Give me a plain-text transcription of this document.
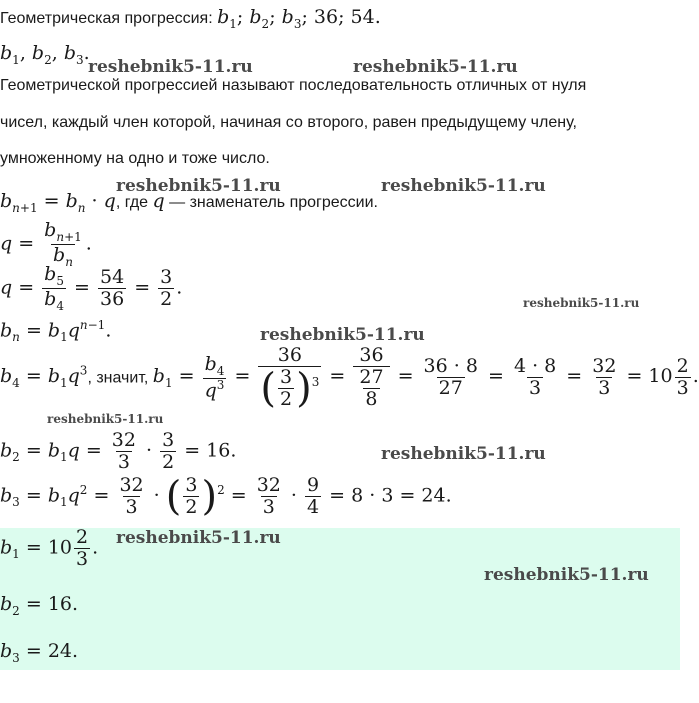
Геометрическая прогрессия: $b_1$; $b_2$; $b_3$; 36; 54.
$b_1$, $b_2$, $b_3$.
Геометрической прогрессией называют последовательность отличных от нуля
чисел, каждый член которой, начиная со второго, равен предыдущему члену,
умноженному на одно и тоже число.
$b_{n+1} = b_n \cdot q$, где q — знаменатель прогрессии.
$q = \frac{b_{n+1}}{b_n}$ .
$q = \frac{b_5}{b_4} = \frac{54}{36} = \frac{3}{2}$ .
$b_n = b_1q^{n-1}$.
$b_4 = b_1q^3$, значит, $b_1 = \frac{b_4}{q^3} = \frac{36}{( \frac{3}{2} )^3} = \frac{36}{\frac{27}{8}} = \frac{36 \cdot 8}{27} = \frac{4 \cdot 8}{3} = \frac{32}{3} = 10 \frac{2}{3}$ .
$b_2 = b_1q = \frac{32}{3} \cdot \frac{3}{2} = 16$.
$b_3 = b_1q^2 = \frac{32}{3}$ · ( $\frac{3}{2} )^2 = \frac{32}{3} \cdot \frac{9}{4} = 8 \cdot 3 = 24$.
$b_1 = 10 \frac{2}{3}$ .
$b_2 = 16$.
$b_3 = 24$.
reshebnik5-11.ru	reshebnik5-11.ru
reshebnik5-11.ru	reshebnik5-11.ru
reshebnik5-11.ru
reshebnik5-11.ru
reshebnik5-11.ru
reshebnik5-11.ru
reshebnik5-11.ru
reshebnik5-11.ru
